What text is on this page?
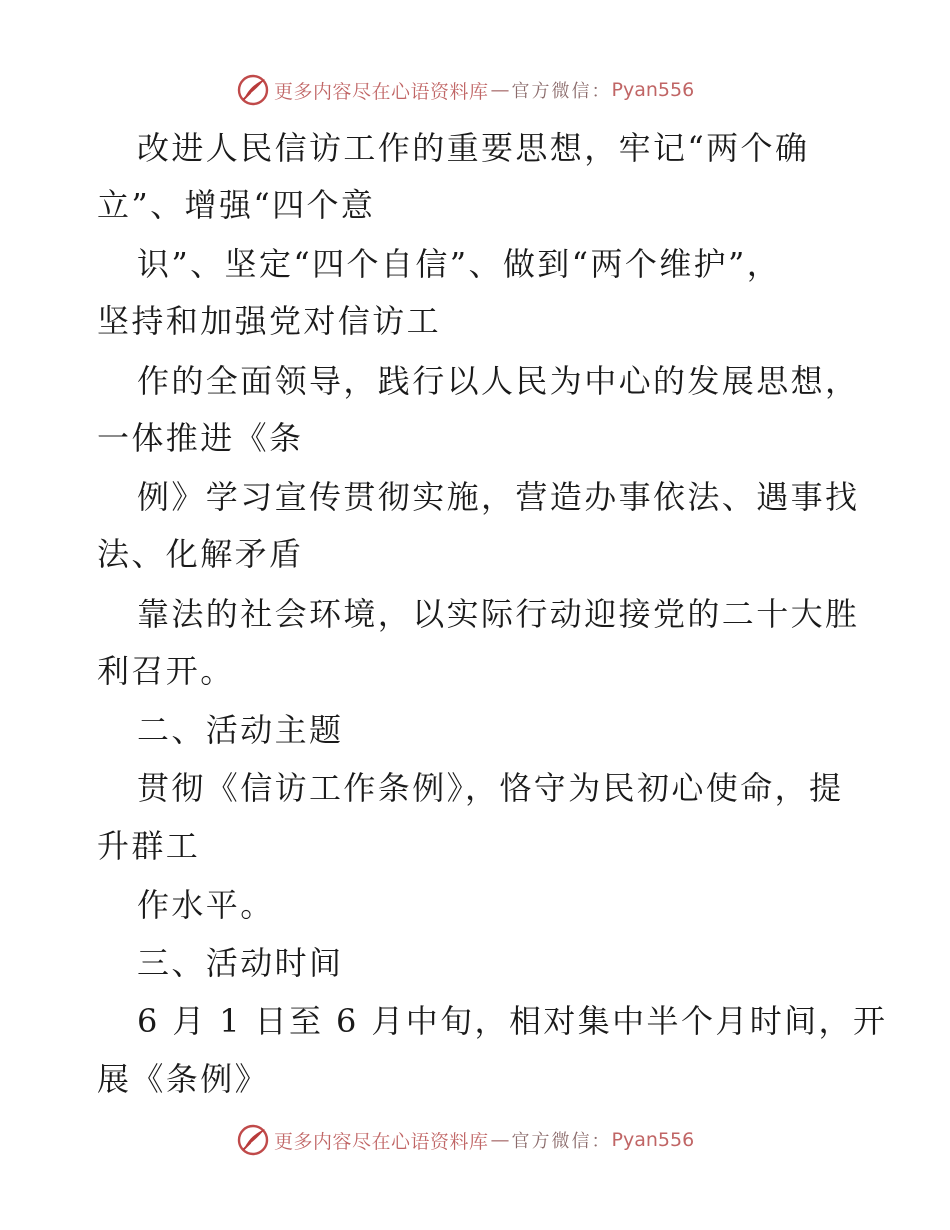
更多内容尽在心语资料库 — 官方微信： Pyan556

改进人民信访工作的重要思想，牢记“两个确

立”、增强“四个意

识”、坚定“四个自信”、做到“两个维护”，

坚持和加强党对信访工

作的全面领导，践行以人民为中心的发展思想，

一体推进《条

例》学习宣传贯彻实施，营造办事依法、遇事找

法、化解矛盾

靠法的社会环境，以实际行动迎接党的二十大胜

利召开。

二、活动主题

贯彻《信访工作条例》，恪守为民初心使命，提

升群工

作水平。

三、活动时间

6 月 1 日至 6 月中旬，相对集中半个月时间，开

展《条例》

更多内容尽在心语资料库 — 官方微信： Pyan556
